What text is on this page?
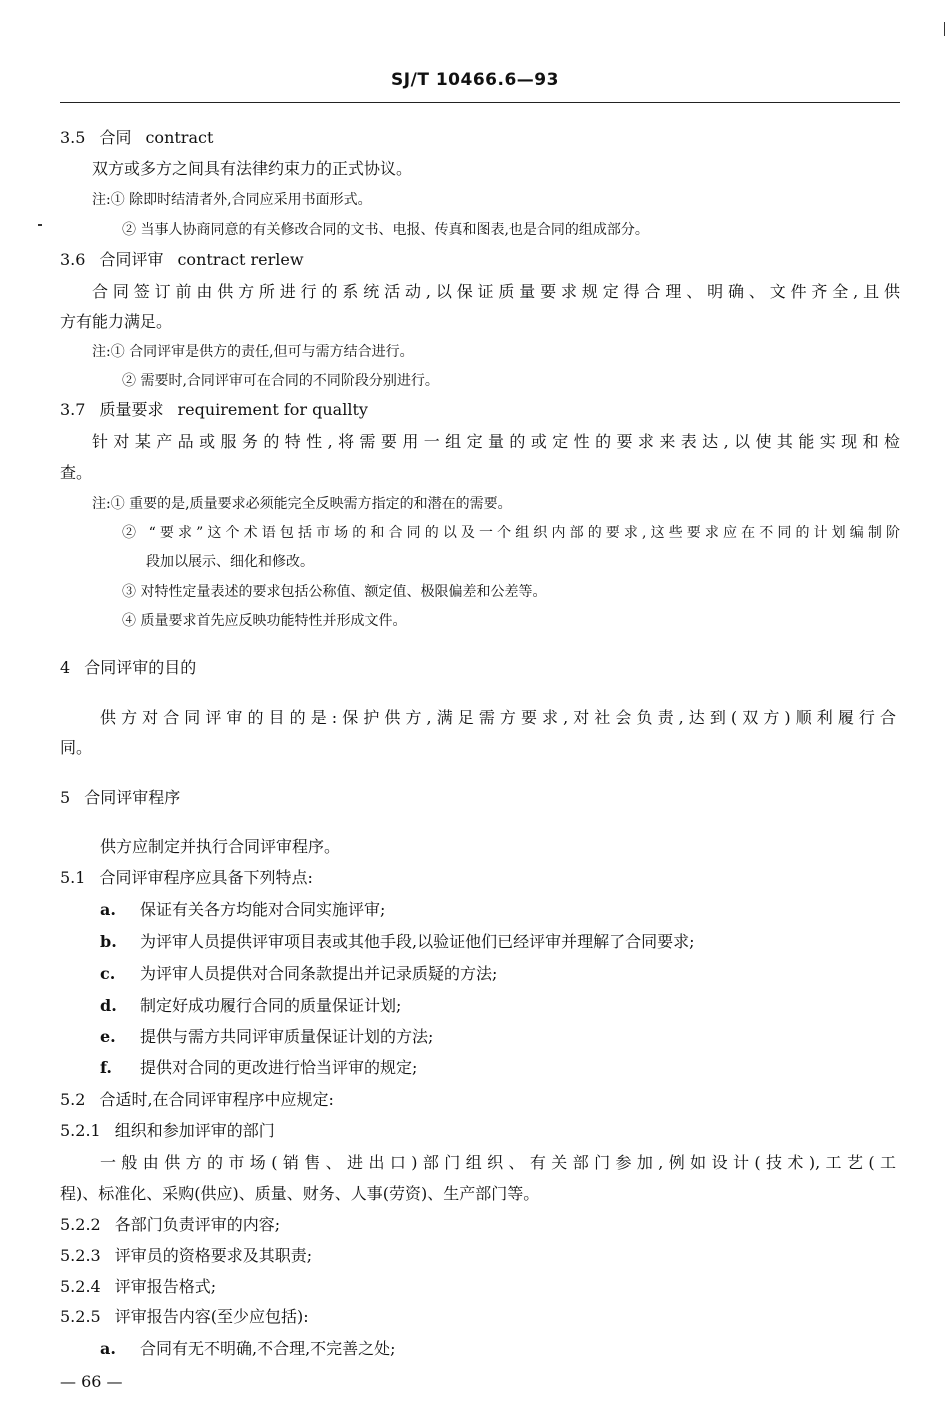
SJ/T 10466.6—93
3.5 合同 contract
双方或多方之间具有法律约束力的正式协议。
注:① 除即时结清者外,合同应采用书面形式。
② 当事人协商同意的有关修改合同的文书、电报、传真和图表,也是合同的组成部分。
3.6 合同评审 contract rerlew
合同签订前由供方所进行的系统活动,以保证质量要求规定得合理、明确、文件齐全,且供
方有能力满足。
注:① 合同评审是供方的责任,但可与需方结合进行。
② 需要时,合同评审可在合同的不同阶段分别进行。
3.7 质量要求 requirement for quallty
针对某产品或服务的特性,将需要用一组定量的或定性的要求来表达,以使其能实现和检
查。
注:① 重要的是,质量要求必须能完全反映需方指定的和潜在的需要。
② “要求”这个术语包括市场的和合同的以及一个组织内部的要求,这些要求应在不同的计划编制阶
段加以展示、细化和修改。
③ 对特性定量表述的要求包括公称值、额定值、极限偏差和公差等。
④ 质量要求首先应反映功能特性并形成文件。
4 合同评审的目的
供方对合同评审的目的是:保护供方,满足需方要求,对社会负责,达到(双方)顺利履行合
同。
5 合同评审程序
供方应制定并执行合同评审程序。
5.1 合同评审程序应具备下列特点:
a. 保证有关各方均能对合同实施评审;
b. 为评审人员提供评审项目表或其他手段,以验证他们已经评审并理解了合同要求;
c. 为评审人员提供对合同条款提出并记录质疑的方法;
d. 制定好成功履行合同的质量保证计划;
e. 提供与需方共同评审质量保证计划的方法;
f. 提供对合同的更改进行恰当评审的规定;
5.2 合适时,在合同评审程序中应规定:
5.2.1 组织和参加评审的部门
一般由供方的市场(销售、进出口)部门组织、有关部门参加,例如设计(技术),工艺(工
程)、标准化、采购(供应)、质量、财务、人事(劳资)、生产部门等。
5.2.2 各部门负责评审的内容;
5.2.3 评审员的资格要求及其职责;
5.2.4 评审报告格式;
5.2.5 评审报告内容(至少应包括):
a. 合同有无不明确,不合理,不完善之处;
— 66 —
